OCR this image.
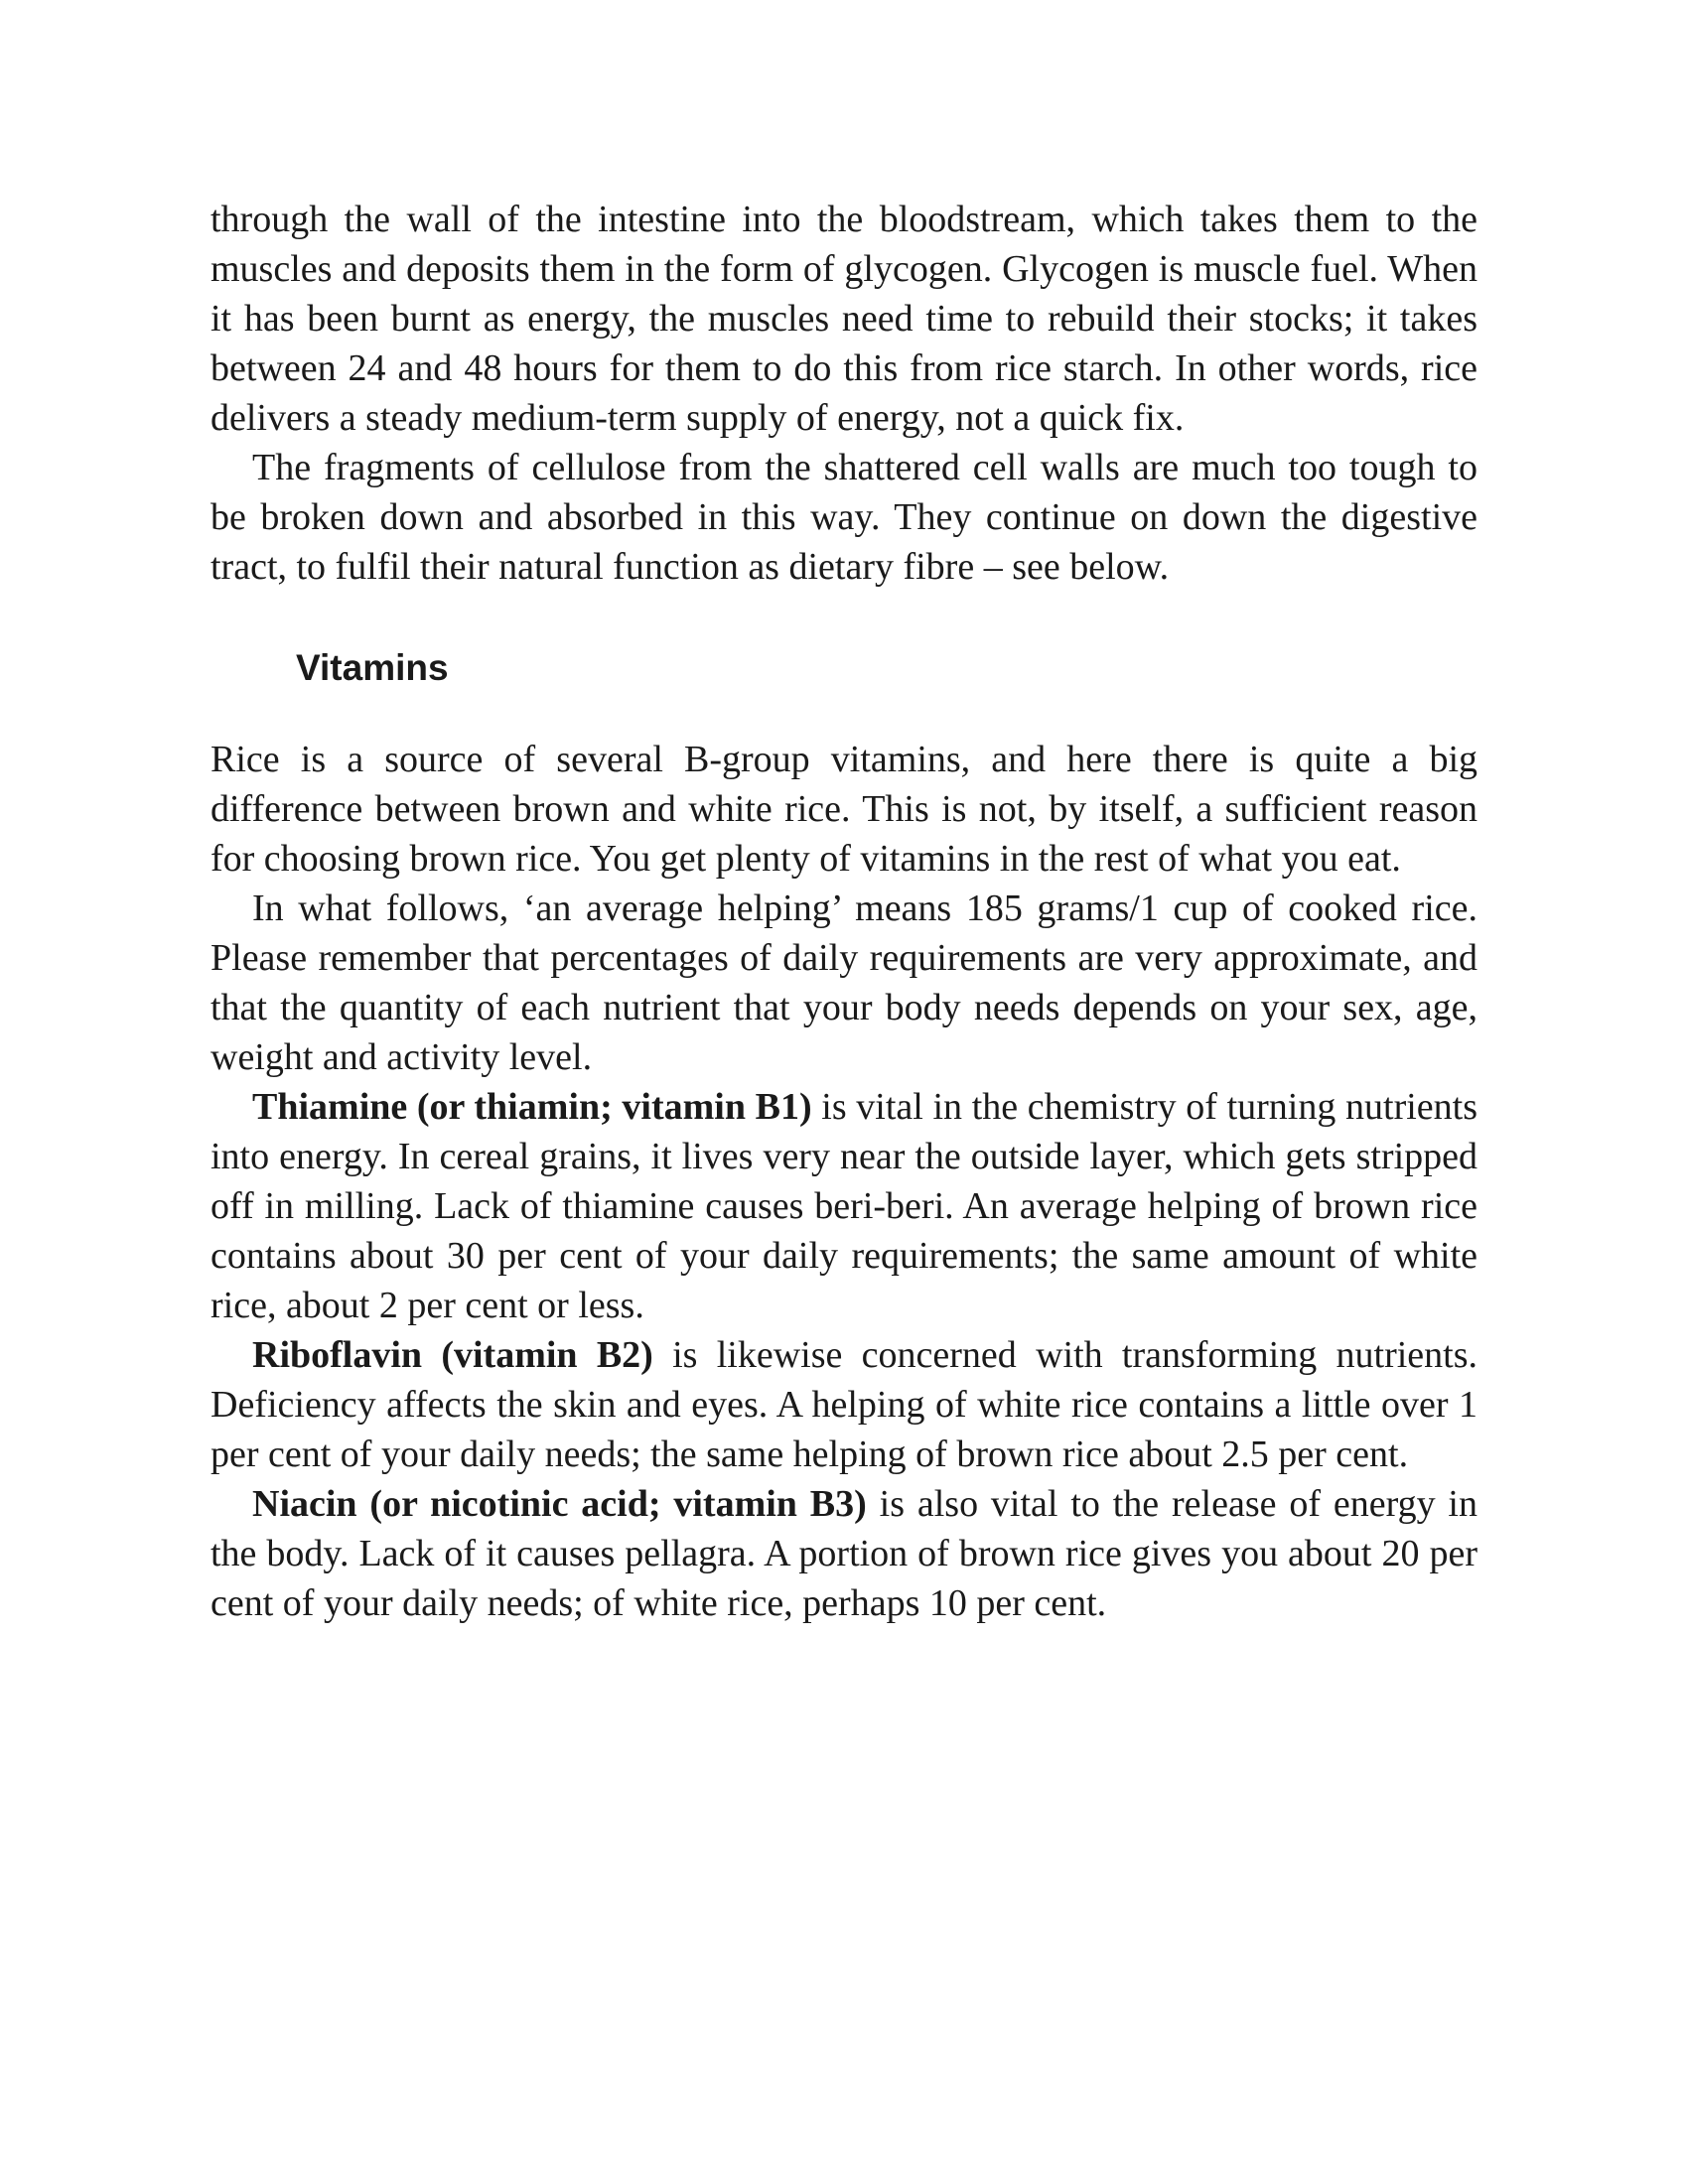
through the wall of the intestine into the bloodstream, which takes them to the muscles and deposits them in the form of glycogen. Glycogen is muscle fuel. When it has been burnt as energy, the muscles need time to rebuild their stocks; it takes between 24 and 48 hours for them to do this from rice starch. In other words, rice delivers a steady medium-term supply of energy, not a quick fix.

The fragments of cellulose from the shattered cell walls are much too tough to be broken down and absorbed in this way. They continue on down the digestive tract, to fulfil their natural function as dietary fibre – see below.

Vitamins

Rice is a source of several B-group vitamins, and here there is quite a big difference between brown and white rice. This is not, by itself, a sufficient reason for choosing brown rice. You get plenty of vitamins in the rest of what you eat.

In what follows, ‘an average helping’ means 185 grams/1 cup of cooked rice. Please remember that percentages of daily requirements are very approximate, and that the quantity of each nutrient that your body needs depends on your sex, age, weight and activity level.

Thiamine (or thiamin; vitamin B1) is vital in the chemistry of turning nutrients into energy. In cereal grains, it lives very near the outside layer, which gets stripped off in milling. Lack of thiamine causes beri-beri. An average helping of brown rice contains about 30 per cent of your daily requirements; the same amount of white rice, about 2 per cent or less.

Riboflavin (vitamin B2) is likewise concerned with transforming nutrients. Deficiency affects the skin and eyes. A helping of white rice contains a little over 1 per cent of your daily needs; the same helping of brown rice about 2.5 per cent.

Niacin (or nicotinic acid; vitamin B3) is also vital to the release of energy in the body. Lack of it causes pellagra. A portion of brown rice gives you about 20 per cent of your daily needs; of white rice, perhaps 10 per cent.
